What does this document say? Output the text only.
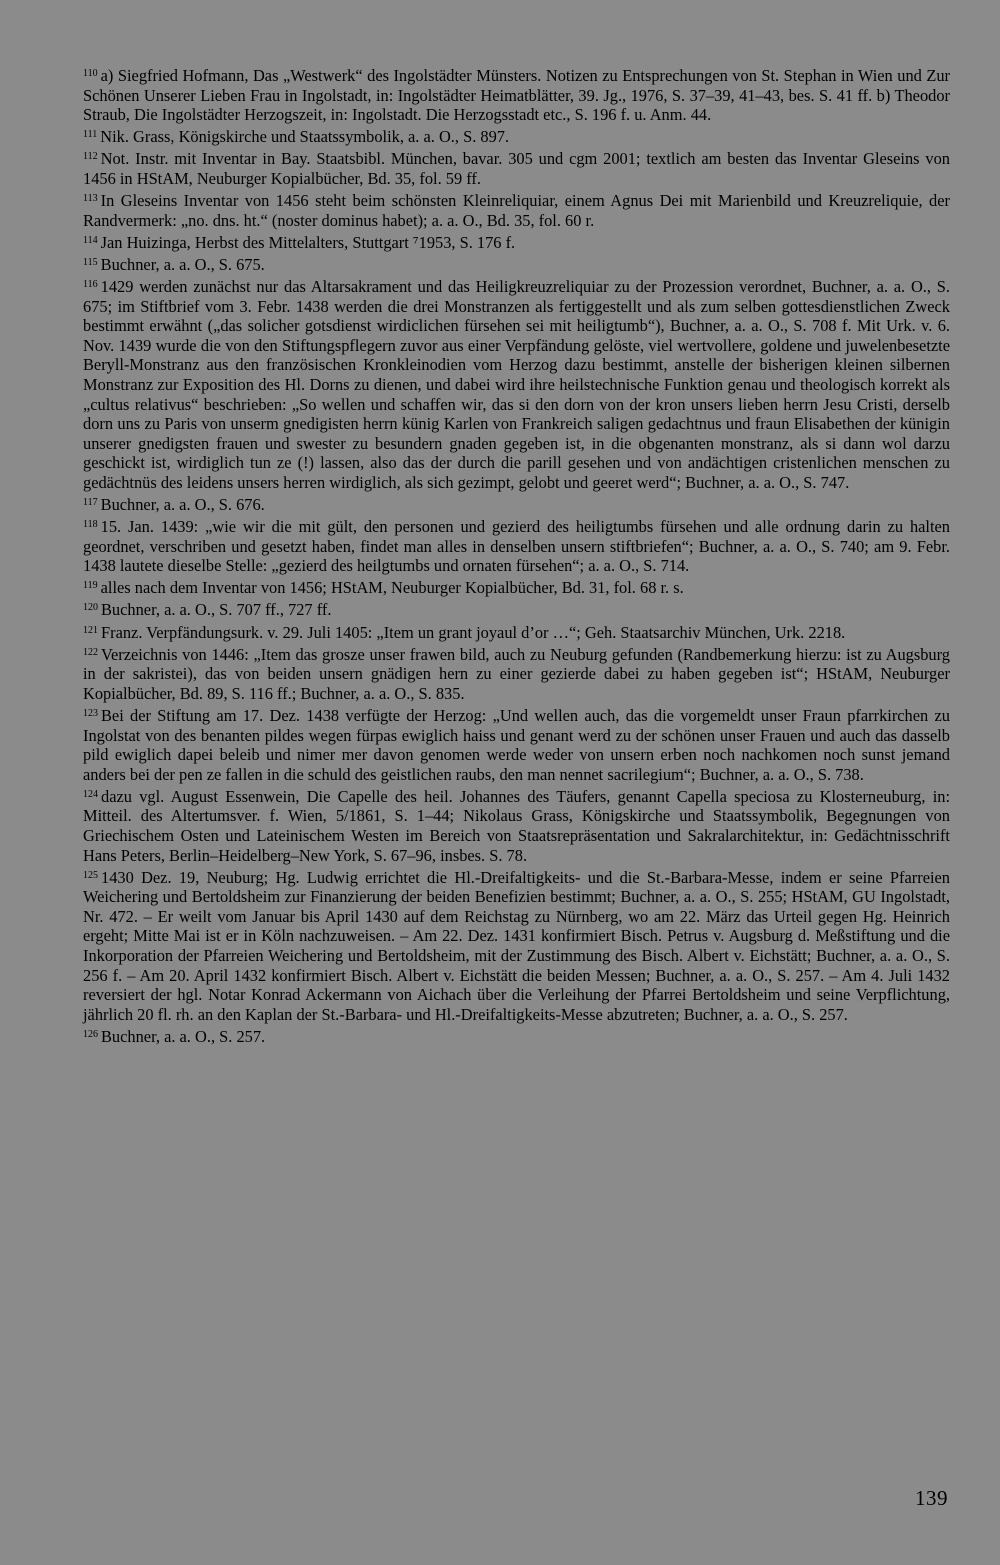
$^{110}$ a) Siegfried Hofmann, Das „Westwerk“ des Ingolstädter Münsters. Notizen zu Entsprechungen von St. Stephan in Wien und Zur Schönen Unserer Lieben Frau in Ingolstadt, in: Ingolstädter Heimatblätter, 39. Jg., 1976, S. 37–39, 41–43, bes. S. 41 ff. b) Theodor Straub, Die Ingolstädter Herzogszeit, in: Ingolstadt. Die Herzogsstadt etc., S. 196 f. u. Anm. 44.

$^{111}$ Nik. Grass, Königskirche und Staatssymbolik, a. a. O., S. 897.

$^{112}$ Not. Instr. mit Inventar in Bay. Staatsbibl. München, bavar. 305 und cgm 2001; textlich am besten das Inventar Gleseins von 1456 in HStAM, Neuburger Kopialbücher, Bd. 35, fol. 59 ff.

$^{113}$ In Gleseins Inventar von 1456 steht beim schönsten Kleinreliquiar, einem Agnus Dei mit Marienbild und Kreuzreliquie, der Randvermerk: „no. dns. ht.“ (noster dominus habet); a. a. O., Bd. 35, fol. 60 r.

$^{114}$ Jan Huizinga, Herbst des Mittelalters, Stuttgart ⁷1953, S. 176 f.

$^{115}$ Buchner, a. a. O., S. 675.

$^{116}$ 1429 werden zunächst nur das Altarsakrament und das Heiligkreuzreliquiar zu der Prozession verordnet, Buchner, a. a. O., S. 675; im Stiftbrief vom 3. Febr. 1438 werden die drei Monstranzen als fertiggestellt und als zum selben gottesdienstlichen Zweck bestimmt erwähnt („das solicher gotsdienst wirdiclichen fürsehen sei mit heiligtumb“), Buchner, a. a. O., S. 708 f. Mit Urk. v. 6. Nov. 1439 wurde die von den Stiftungspflegern zuvor aus einer Verpfändung gelöste, viel wertvollere, goldene und juwelenbesetzte Beryll-Monstranz aus den französischen Kronkleinodien vom Herzog dazu bestimmt, anstelle der bisherigen kleinen silbernen Monstranz zur Exposition des Hl. Dorns zu dienen, und dabei wird ihre heilstechnische Funktion genau und theologisch korrekt als „cultus relativus“ beschrieben: „So wellen und schaffen wir, das si den dorn von der kron unsers lieben herrn Jesu Cristi, derselb dorn uns zu Paris von unserm gnedigisten herrn künig Karlen von Frankreich saligen gedachtnus und fraun Elisabethen der künigin unserer gnedigsten frauen und swester zu besundern gnaden gegeben ist, in die obgenanten monstranz, als si dann wol darzu geschickt ist, wirdiglich tun ze (!) lassen, also das der durch die parill gesehen und von andächtigen cristenlichen menschen zu gedächtnüs des leidens unsers herren wirdiglich, als sich gezimpt, gelobt und geeret werd“; Buchner, a. a. O., S. 747.

$^{117}$ Buchner, a. a. O., S. 676.

$^{118}$ 15. Jan. 1439: „wie wir die mit gült, den personen und gezierd des heiligtumbs fürsehen und alle ordnung darin zu halten geordnet, verschriben und gesetzt haben, findet man alles in denselben unsern stiftbriefen“; Buchner, a. a. O., S. 740; am 9. Febr. 1438 lautete dieselbe Stelle: „gezierd des heilgtumbs und ornaten fürsehen“; a. a. O., S. 714.

$^{119}$ alles nach dem Inventar von 1456; HStAM, Neuburger Kopialbücher, Bd. 31, fol. 68 r. s.

$^{120}$ Buchner, a. a. O., S. 707 ff., 727 ff.

$^{121}$ Franz. Verpfändungsurk. v. 29. Juli 1405: „Item un grant joyaul d’or …“; Geh. Staatsarchiv München, Urk. 2218.

$^{122}$ Verzeichnis von 1446: „Item das grosze unser frawen bild, auch zu Neuburg gefunden (Randbemerkung hierzu: ist zu Augsburg in der sakristei), das von beiden unsern gnädigen hern zu einer gezierde dabei zu haben gegeben ist“; HStAM, Neuburger Kopialbücher, Bd. 89, S. 116 ff.; Buchner, a. a. O., S. 835.

$^{123}$ Bei der Stiftung am 17. Dez. 1438 verfügte der Herzog: „Und wellen auch, das die vorgemeldt unser Fraun pfarrkirchen zu Ingolstat von des benanten pildes wegen fürpas ewiglich haiss und genant werd zu der schönen unser Frauen und auch das dasselb pild ewiglich dapei beleib und nimer mer davon genomen werde weder von unsern erben noch nachkomen noch sunst jemand anders bei der pen ze fallen in die schuld des geistlichen raubs, den man nennet sacrilegium“; Buchner, a. a. O., S. 738.

$^{124}$ dazu vgl. August Essenwein, Die Capelle des heil. Johannes des Täufers, genannt Capella speciosa zu Klosterneuburg, in: Mitteil. des Altertumsver. f. Wien, 5/1861, S. 1–44; Nikolaus Grass, Königskirche und Staatssymbolik, Begegnungen von Griechischem Osten und Lateinischem Westen im Bereich von Staatsrepräsentation und Sakralarchitektur, in: Gedächtnisschrift Hans Peters, Berlin–Heidelberg–New York, S. 67–96, insbes. S. 78.

$^{125}$ 1430 Dez. 19, Neuburg; Hg. Ludwig errichtet die Hl.-Dreifaltigkeits- und die St.-Barbara-Messe, indem er seine Pfarreien Weichering und Bertoldsheim zur Finanzierung der beiden Benefizien bestimmt; Buchner, a. a. O., S. 255; HStAM, GU Ingolstadt, Nr. 472. – Er weilt vom Januar bis April 1430 auf dem Reichstag zu Nürnberg, wo am 22. März das Urteil gegen Hg. Heinrich ergeht; Mitte Mai ist er in Köln nachzuweisen. – Am 22. Dez. 1431 konfirmiert Bisch. Petrus v. Augsburg d. Meßstiftung und die Inkorporation der Pfarreien Weichering und Bertoldsheim, mit der Zustimmung des Bisch. Albert v. Eichstätt; Buchner, a. a. O., S. 256 f. – Am 20. April 1432 konfirmiert Bisch. Albert v. Eichstätt die beiden Messen; Buchner, a. a. O., S. 257. – Am 4. Juli 1432 reversiert der hgl. Notar Konrad Ackermann von Aichach über die Verleihung der Pfarrei Bertoldsheim und seine Verpflichtung, jährlich 20 fl. rh. an den Kaplan der St.-Barbara- und Hl.-Dreifaltigkeits-Messe abzutreten; Buchner, a. a. O., S. 257.

$^{126}$ Buchner, a. a. O., S. 257.

139
